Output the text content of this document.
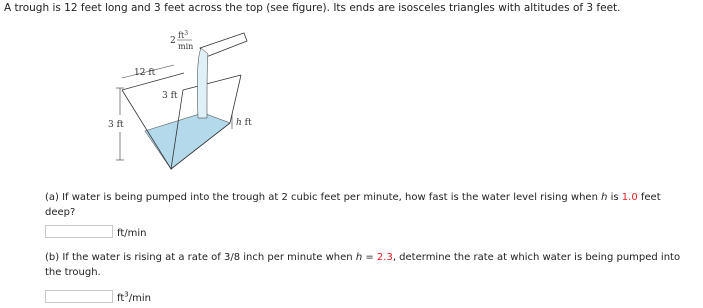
A trough is 12 feet long and 3 feet across the top (see figure). Its ends are isosceles triangles with altitudes of 3 feet.
12 ft
3 ft
3 ft	h ft
2
$ft^3$
min
(a) If water is being pumped into the trough at 2 cubic feet per minute, how fast is the water level rising when h is 1.0 feet deep?
ft/min
(b) If the water is rising at a rate of 3/8 inch per minute when h = 2.3, determine the rate at which water is being pumped into the trough.
$ft^3/\min$
